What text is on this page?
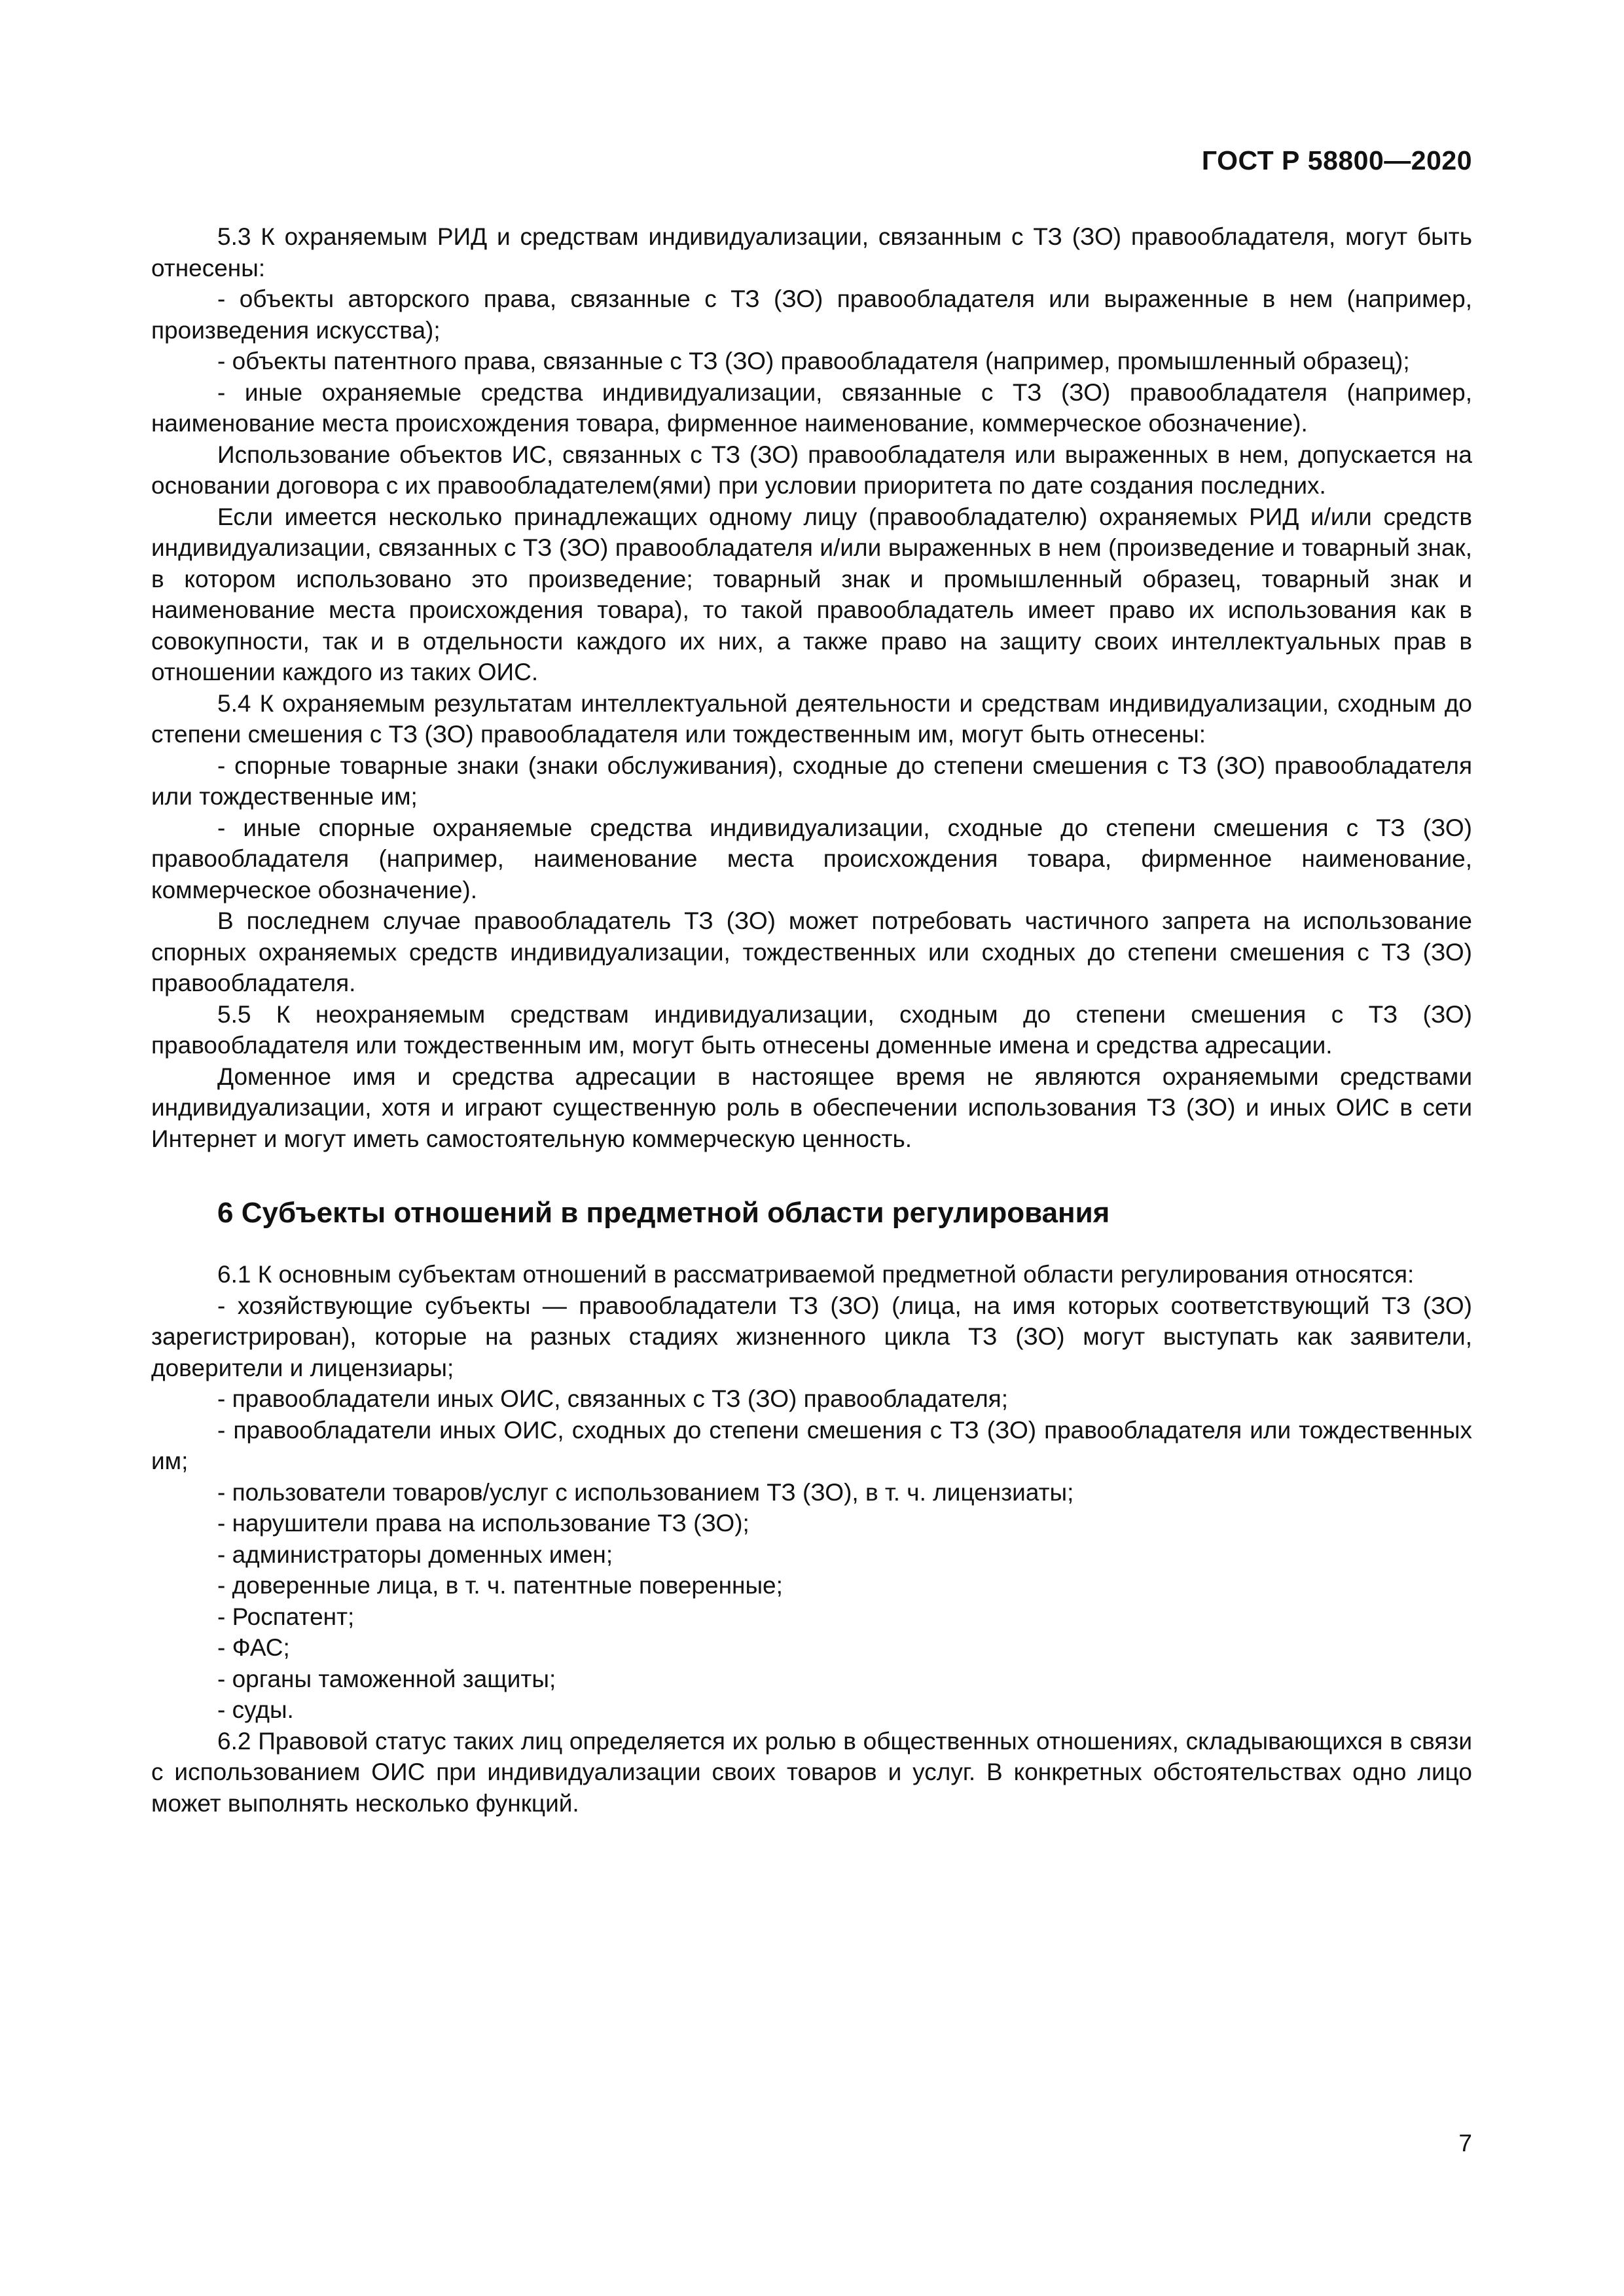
ГОСТ Р 58800—2020

5.3 К охраняемым РИД и средствам индивидуализации, связанным с ТЗ (ЗО) правообладателя, могут быть отнесены:

- объекты авторского права, связанные с ТЗ (ЗО) правообладателя или выраженные в нем (например, произведения искусства);

- объекты патентного права, связанные с ТЗ (ЗО) правообладателя (например, промышленный образец);

- иные охраняемые средства индивидуализации, связанные с ТЗ (ЗО) правообладателя (например, наименование места происхождения товара, фирменное наименование, коммерческое обозначение).

Использование объектов ИС, связанных с ТЗ (ЗО) правообладателя или выраженных в нем, допускается на основании договора с их правообладателем(ями) при условии приоритета по дате создания последних.

Если имеется несколько принадлежащих одному лицу (правообладателю) охраняемых РИД и/или средств индивидуализации, связанных с ТЗ (ЗО) правообладателя и/или выраженных в нем (произведение и товарный знак, в котором использовано это произведение; товарный знак и промышленный образец, товарный знак и наименование места происхождения товара), то такой правообладатель имеет право их использования как в совокупности, так и в отдельности каждого их них, а также право на защиту своих интеллектуальных прав в отношении каждого из таких ОИС.

5.4 К охраняемым результатам интеллектуальной деятельности и средствам индивидуализации, сходным до степени смешения с ТЗ (ЗО) правообладателя или тождественным им, могут быть отнесены:

- спорные товарные знаки (знаки обслуживания), сходные до степени смешения с ТЗ (ЗО) правообладателя или тождественные им;

- иные спорные охраняемые средства индивидуализации, сходные до степени смешения с ТЗ (ЗО) правообладателя (например, наименование места происхождения товара, фирменное наименование, коммерческое обозначение).

В последнем случае правообладатель ТЗ (ЗО) может потребовать частичного запрета на использование спорных охраняемых средств индивидуализации, тождественных или сходных до степени смешения с ТЗ (ЗО) правообладателя.

5.5 К неохраняемым средствам индивидуализации, сходным до степени смешения с ТЗ (ЗО) правообладателя или тождественным им, могут быть отнесены доменные имена и средства адресации.

Доменное имя и средства адресации в настоящее время не являются охраняемыми средствами индивидуализации, хотя и играют существенную роль в обеспечении использования ТЗ (ЗО) и иных ОИС в сети Интернет и могут иметь самостоятельную коммерческую ценность.

6 Субъекты отношений в предметной области регулирования

6.1 К основным субъектам отношений в рассматриваемой предметной области регулирования относятся:

- хозяйствующие субъекты — правообладатели ТЗ (ЗО) (лица, на имя которых соответствующий ТЗ (ЗО) зарегистрирован), которые на разных стадиях жизненного цикла ТЗ (ЗО) могут выступать как заявители, доверители и лицензиары;

- правообладатели иных ОИС, связанных с ТЗ (ЗО) правообладателя;

- правообладатели иных ОИС, сходных до степени смешения с ТЗ (ЗО) правообладателя или тождественных им;

- пользователи товаров/услуг с использованием ТЗ (ЗО), в т. ч. лицензиаты;

- нарушители права на использование ТЗ (ЗО);

- администраторы доменных имен;

- доверенные лица, в т. ч. патентные поверенные;

- Роспатент;

- ФАС;

- органы таможенной защиты;

- суды.

6.2 Правовой статус таких лиц определяется их ролью в общественных отношениях, складывающихся в связи с использованием ОИС при индивидуализации своих товаров и услуг. В конкретных обстоятельствах одно лицо может выполнять несколько функций.

7
